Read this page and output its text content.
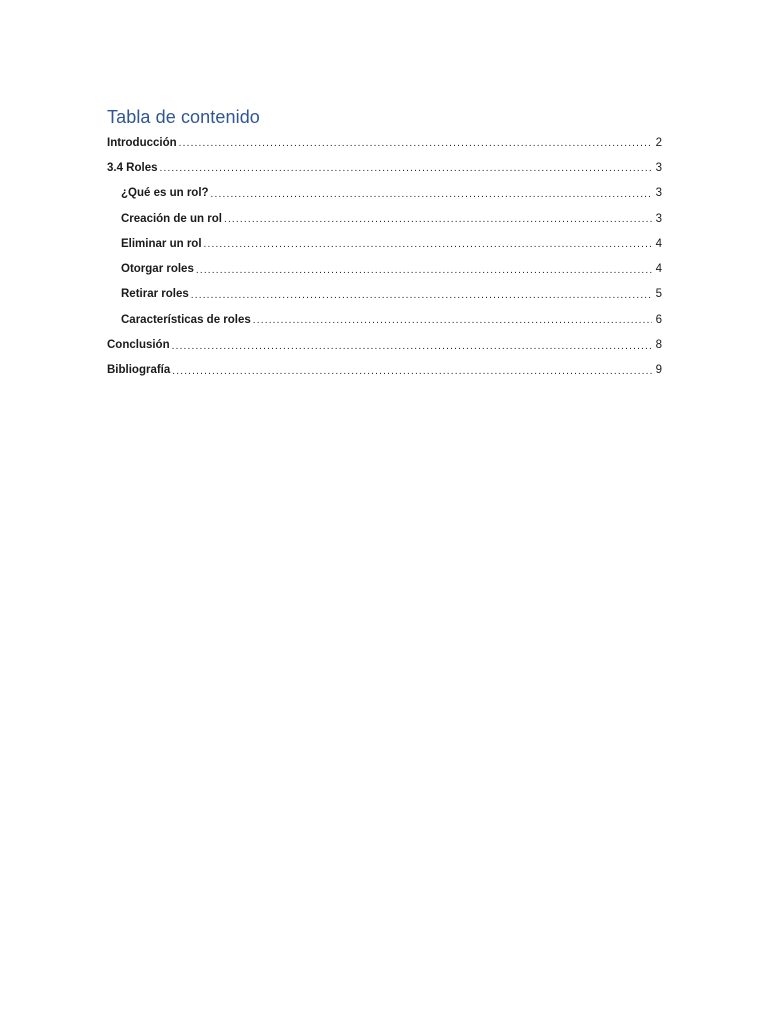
Tabla de contenido
Introducción .....	2
3.4 Roles .....	3
¿Qué es un rol? .....	3
Creación de un rol .....	3
Eliminar un rol .....	4
Otorgar roles .....	4
Retirar roles .....	5
Características de roles .....	6
Conclusión .....	8
Bibliografía .....	9
